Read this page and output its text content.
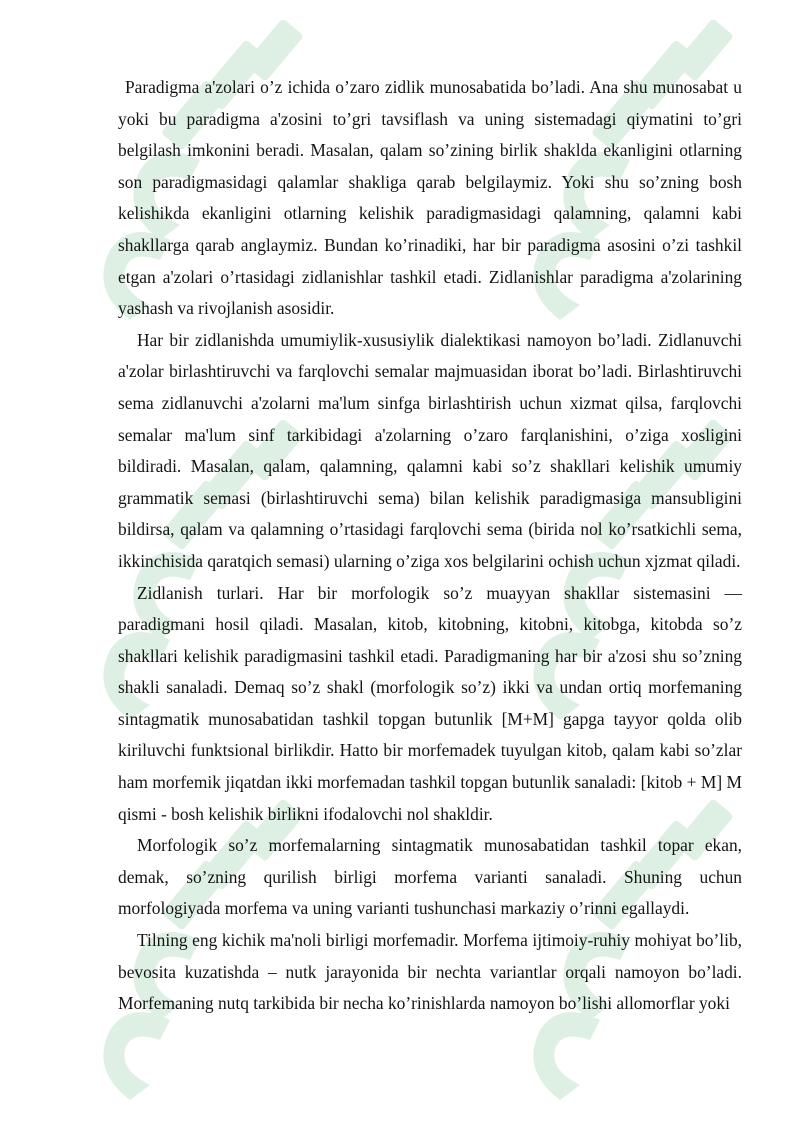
Paradigma a'zolari o’z ichida o’zaro zidlik munosabatida bo’ladi. Ana shu munosabat u yoki bu paradigma a'zosini to’gri tavsiflash va uning sistemadagi qiymatini to’gri belgilash imkonini beradi. Masalan, qalam so’zining birlik shaklda ekanligini otlarning son paradigmasidagi qalamlar shakliga qarab belgilaymiz. Yoki shu so’zning bosh kelishikda ekanligini otlarning kelishik paradigmasidagi qalamning, qalamni kabi shakllarga qarab anglaymiz. Bundan ko’rinadiki, har bir paradigma asosini o’zi tashkil etgan a'zolari o’rtasidagi zidlanishlar tashkil etadi. Zidlanishlar paradigma a'zolarining yashash va rivojlanish asosidir.

Har bir zidlanishda umumiylik-xususiylik dialektikasi namoyon bo’ladi. Zidlanuvchi a'zolar birlashtiruvchi va farqlovchi semalar majmuasidan iborat bo’ladi. Birlashtiruvchi sema zidlanuvchi a'zolarni ma'lum sinfga birlashtirish uchun xizmat qilsa, farqlovchi semalar ma'lum sinf tarkibidagi a'zolarning o’zaro farqlanishini, o’ziga xosligini bildiradi. Masalan, qalam, qalamning, qalamni kabi so’z shakllari kelishik umumiy grammatik semasi (birlashtiruvchi sema) bilan kelishik paradigmasiga mansubligini bildirsa, qalam va qalamning o’rtasidagi farqlovchi sema (birida nol ko’rsatkichli sema, ikkinchisida qaratqich semasi) ularning o’ziga xos belgilarini ochish uchun xjzmat qiladi.

Zidlanish turlari. Har bir morfologik so’z muayyan shakllar sistemasini — paradigmani hosil qiladi. Masalan, kitob, kitobning, kitobni, kitobga, kitobda so’z shakllari kelishik paradigmasini tashkil etadi. Paradigmaning har bir a'zosi shu so’zning shakli sanaladi. Demaq so’z shakl (morfologik so’z) ikki va undan ortiq morfemaning sintagmatik munosabatidan tashkil topgan butunlik [M+M] gapga tayyor qolda olib kiriluvchi funktsional birlikdir. Hatto bir morfemadek tuyulgan kitob, qalam kabi so’zlar ham morfemik jiqatdan ikki morfemadan tashkil topgan butunlik sanaladi: [kitob + M] M qismi - bosh kelishik birlikni ifodalovchi nol shakldir.

Morfologik so’z morfemalarning sintagmatik munosabatidan tashkil topar ekan, demak, so’zning qurilish birligi morfema varianti sanaladi. Shuning uchun morfologiyada morfema va uning varianti tushunchasi markaziy o’rinni egallaydi.

Tilning eng kichik ma'noli birligi morfemadir. Morfema ijtimoiy-ruhiy mohiyat bo’lib, bevosita kuzatishda – nutk jarayonida bir nechta variantlar orqali namoyon bo’ladi. Morfemaning nutq tarkibida bir necha ko’rinishlarda namoyon bo’lishi allomorflar yoki
